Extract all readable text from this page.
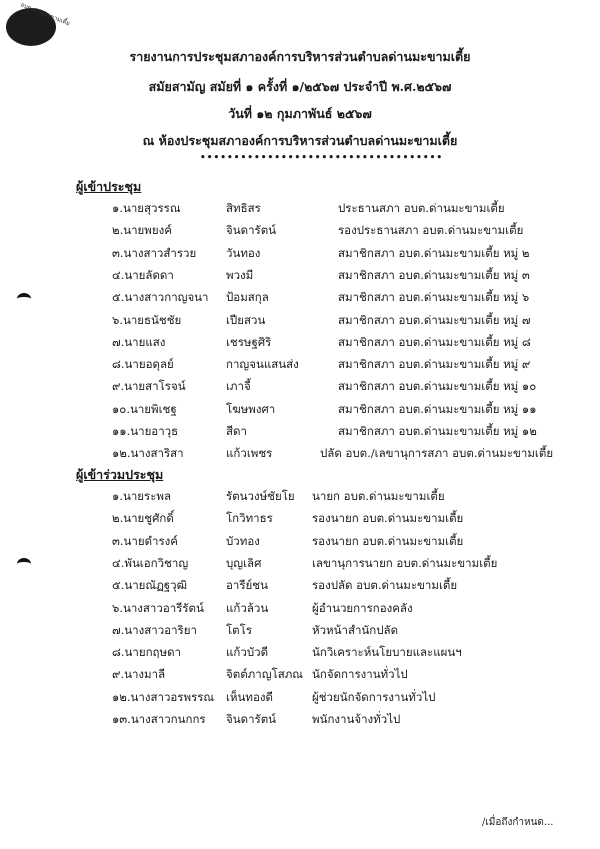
อบต.ด่านมะขามเตี้ย
รายงานการประชุมสภาองค์การบริหารส่วนตำบลด่านมะขามเตี้ย
สมัยสามัญ สมัยที่ ๑ ครั้งที่ ๑/๒๕๖๗ ประจำปี พ.ศ.๒๕๖๗
วันที่ ๑๒ กุมภาพันธ์ ๒๕๖๗
ณ ห้องประชุมสภาองค์การบริหารส่วนตำบลด่านมะขามเตี้ย
••••••••••••••••••••••••••••••••••••
ผู้เข้าประชุม
๑.นายสุวรรณ	สิทธิสร	ประธานสภา อบต.ด่านมะขามเตี้ย
๒.นายพยงค์	จินดารัตน์	รองประธานสภา อบต.ด่านมะขามเตี้ย
๓.นางสาวสำรวย	วันทอง	สมาชิกสภา อบต.ด่านมะขามเตี้ย หมู่ ๒
๔.นายลัดดา	พวงมี	สมาชิกสภา อบต.ด่านมะขามเตี้ย หมู่ ๓
๕.นางสาวกาญจนา ป้อมสกุล	สมาชิกสภา อบต.ด่านมะขามเตี้ย หมู่ ๖
๖.นายธนัชชัย	เปียสวน	สมาชิกสภา อบต.ด่านมะขามเตี้ย หมู่ ๗
๗.นายแสง	เชรษฐศิริ	สมาชิกสภา อบต.ด่านมะขามเตี้ย หมู่ ๘
๘.นายอดุลย์	กาญจนแสนส่ง	สมาชิกสภา อบต.ด่านมะขามเตี้ย หมู่ ๙
๙.นายสาโรจน์	เภาจี้	สมาชิกสภา อบต.ด่านมะขามเตี้ย หมู่ ๑๐
๑๐.นายพิเชฐ	โฆษพงศา	สมาชิกสภา อบต.ด่านมะขามเตี้ย หมู่ ๑๑
๑๑.นายอาวุธ	สีดา	สมาชิกสภา อบต.ด่านมะขามเตี้ย หมู่ ๑๒
๑๒.นางสาริสา	แก้วเพชร	ปลัด อบต./เลขานุการสภา อบต.ด่านมะขามเตี้ย
ผู้เข้าร่วมประชุม
๑.นายระพล	รัตนวงษ์ชัยโย นายก อบต.ด่านมะขามเตี้ย
๒.นายชูศักดิ์	โกวิทาธร	รองนายก อบต.ด่านมะขามเตี้ย
๓.นายดำรงค์	บัวทอง	รองนายก อบต.ด่านมะขามเตี้ย
๔.พันเอกวิชาญ	บุญเลิศ	เลขานุการนายก อบต.ด่านมะขามเตี้ย
๕.นายณัฏฐวุฒิ	อารีย์ชน	รองปลัด อบต.ด่านมะขามเตี้ย
๖.นางสาวอารีรัตน์ แก้วล้วน	ผู้อำนวยการกองคลัง
๗.นางสาวอาริยา	โตโร	หัวหน้าสำนักปลัด
๘.นายกฤษดา	แก้วบัวดี	นักวิเคราะห์นโยบายและแผนฯ
๙.นางมาลี	จิตต์ภาญโสภณ นักจัดการงานทั่วไป
๑๒.นางสาวอรพรรณ เห็นทองดี	ผู้ช่วยนักจัดการงานทั่วไป
๑๓.นางสาวกนกกร จินดารัตน์	พนักงานจ้างทั่วไป
/เมื่อถึงกำหนด...
